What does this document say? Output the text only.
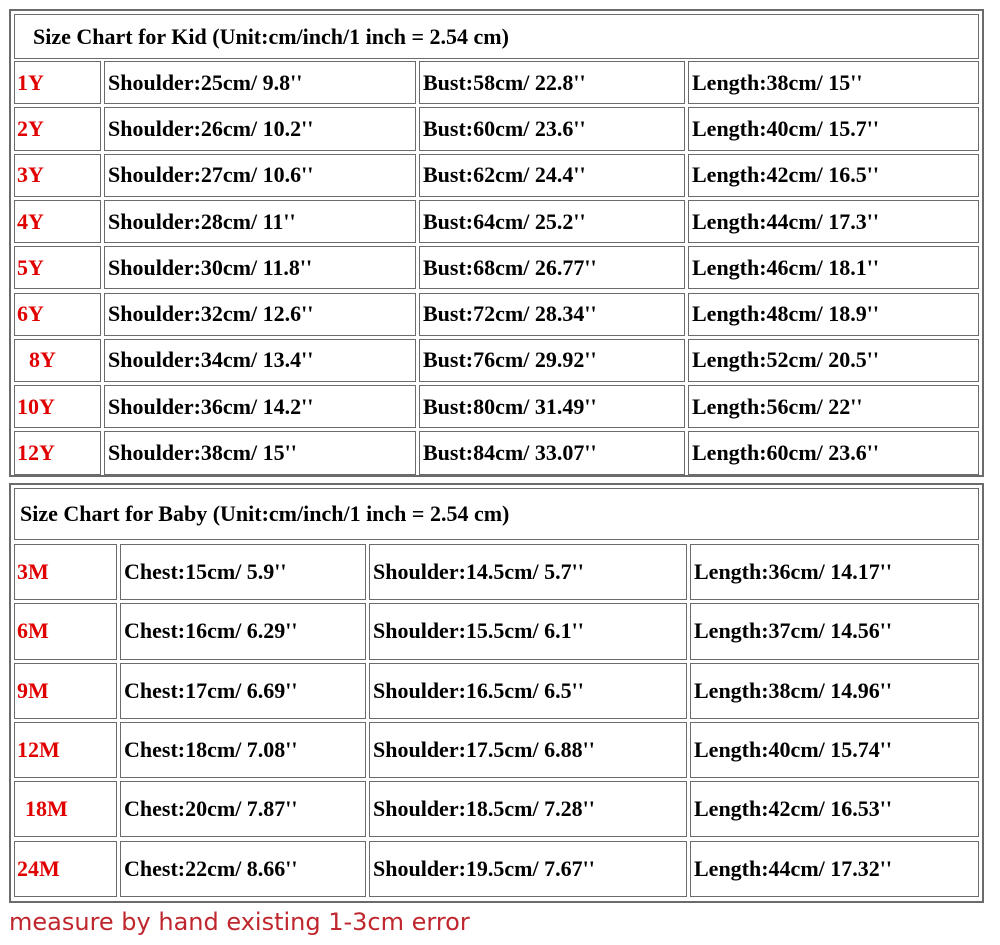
Size Chart for Kid (Unit:cm/inch/1 inch = 2.54 cm)
1Y	Shoulder:25cm/ 9.8''	Bust:58cm/ 22.8''	Length:38cm/ 15''
2Y	Shoulder:26cm/ 10.2''	Bust:60cm/ 23.6''	Length:40cm/ 15.7''
3Y	Shoulder:27cm/ 10.6''	Bust:62cm/ 24.4''	Length:42cm/ 16.5''
4Y	Shoulder:28cm/ 11''	Bust:64cm/ 25.2''	Length:44cm/ 17.3''
5Y	Shoulder:30cm/ 11.8''	Bust:68cm/ 26.77''	Length:46cm/ 18.1''
6Y	Shoulder:32cm/ 12.6''	Bust:72cm/ 28.34''	Length:48cm/ 18.9''
8Y	Shoulder:34cm/ 13.4''	Bust:76cm/ 29.92''	Length:52cm/ 20.5''
10Y	Shoulder:36cm/ 14.2''	Bust:80cm/ 31.49''	Length:56cm/ 22''
12Y	Shoulder:38cm/ 15''	Bust:84cm/ 33.07''	Length:60cm/ 23.6''
Size Chart for Baby (Unit:cm/inch/1 inch = 2.54 cm)
3M	Chest:15cm/ 5.9''	Shoulder:14.5cm/ 5.7''	Length:36cm/ 14.17''
6M	Chest:16cm/ 6.29''	Shoulder:15.5cm/ 6.1''	Length:37cm/ 14.56''
9M	Chest:17cm/ 6.69''	Shoulder:16.5cm/ 6.5''	Length:38cm/ 14.96''
12M	Chest:18cm/ 7.08''	Shoulder:17.5cm/ 6.88''	Length:40cm/ 15.74''
18M	Chest:20cm/ 7.87''	Shoulder:18.5cm/ 7.28''	Length:42cm/ 16.53''
24M	Chest:22cm/ 8.66''	Shoulder:19.5cm/ 7.67''	Length:44cm/ 17.32''
measure by hand existing 1-3cm error
